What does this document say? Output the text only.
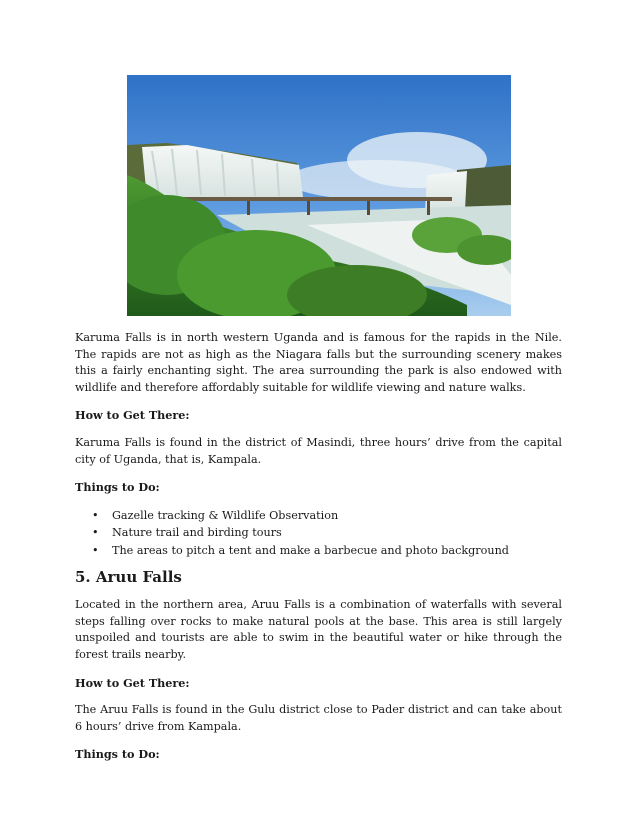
Karuma Falls is in north western Uganda and is famous for the rapids in the Nile. The rapids are not as high as the Niagara falls but the surrounding scenery makes this a fairly enchanting sight. The area surrounding the park is also endowed with wildlife and therefore affordably suitable for wildlife viewing and nature walks.

How to Get There:

Karuma Falls is found in the district of Masindi, three hours’ drive from the capital city of Uganda, that is, Kampala.

Things to Do:

• Gazelle tracking & Wildlife Observation
• Nature trail and birding tours
• The areas to pitch a tent and make a barbecue and photo background
5. Aruu Falls

Located in the northern area, Aruu Falls is a combination of waterfalls with several steps falling over rocks to make natural pools at the base. This area is still largely unspoiled and tourists are able to swim in the beautiful water or hike through the forest trails nearby.

How to Get There:

The Aruu Falls is found in the Gulu district close to Pader district and can take about 6 hours’ drive from Kampala.

Things to Do:
